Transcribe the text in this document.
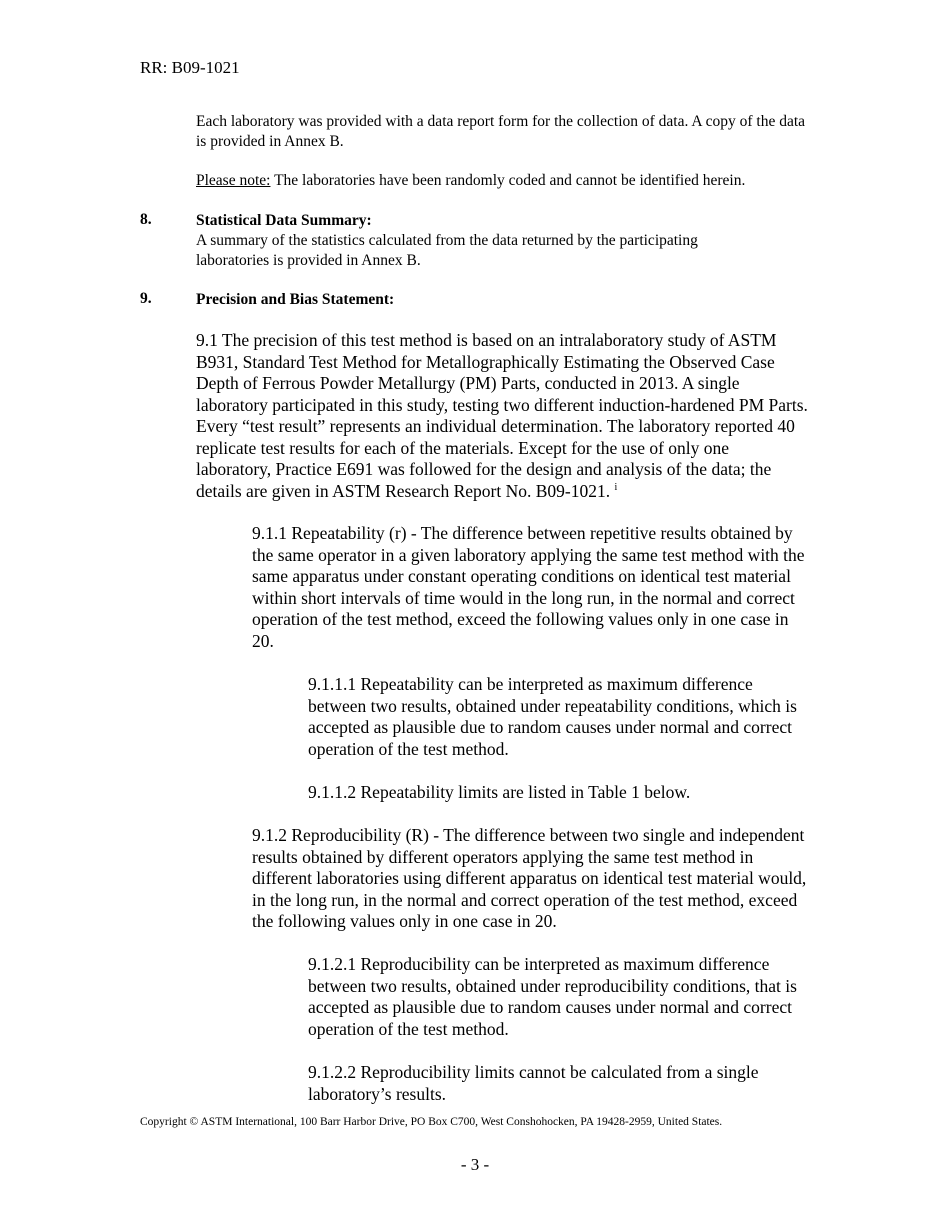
RR: B09-1021
Each laboratory was provided with a data report form for the collection of data. A copy of the data is provided in Annex B.
Please note: The laboratories have been randomly coded and cannot be identified herein.
8.	Statistical Data Summary:
A summary of the statistics calculated from the data returned by the participating laboratories is provided in Annex B.
9.	Precision and Bias Statement:
9.1 The precision of this test method is based on an intralaboratory study of ASTM B931, Standard Test Method for Metallographically Estimating the Observed Case Depth of Ferrous Powder Metallurgy (PM) Parts, conducted in 2013. A single laboratory participated in this study, testing two different induction-hardened PM Parts. Every “test result” represents an individual determination. The laboratory reported 40 replicate test results for each of the materials. Except for the use of only one laboratory, Practice E691 was followed for the design and analysis of the data; the details are given in ASTM Research Report No. B09-1021. $^i$
9.1.1 Repeatability (r) - The difference between repetitive results obtained by the same operator in a given laboratory applying the same test method with the same apparatus under constant operating conditions on identical test material within short intervals of time would in the long run, in the normal and correct operation of the test method, exceed the following values only in one case in 20.
9.1.1.1 Repeatability can be interpreted as maximum difference between two results, obtained under repeatability conditions, which is accepted as plausible due to random causes under normal and correct operation of the test method.
9.1.1.2 Repeatability limits are listed in Table 1 below.
9.1.2 Reproducibility (R) - The difference between two single and independent results obtained by different operators applying the same test method in different laboratories using different apparatus on identical test material would, in the long run, in the normal and correct operation of the test method, exceed the following values only in one case in 20.
9.1.2.1 Reproducibility can be interpreted as maximum difference between two results, obtained under reproducibility conditions, that is accepted as plausible due to random causes under normal and correct operation of the test method.
9.1.2.2 Reproducibility limits cannot be calculated from a single laboratory’s results.
Copyright © ASTM International, 100 Barr Harbor Drive, PO Box C700, West Conshohocken, PA 19428-2959, United States.
- 3 -
